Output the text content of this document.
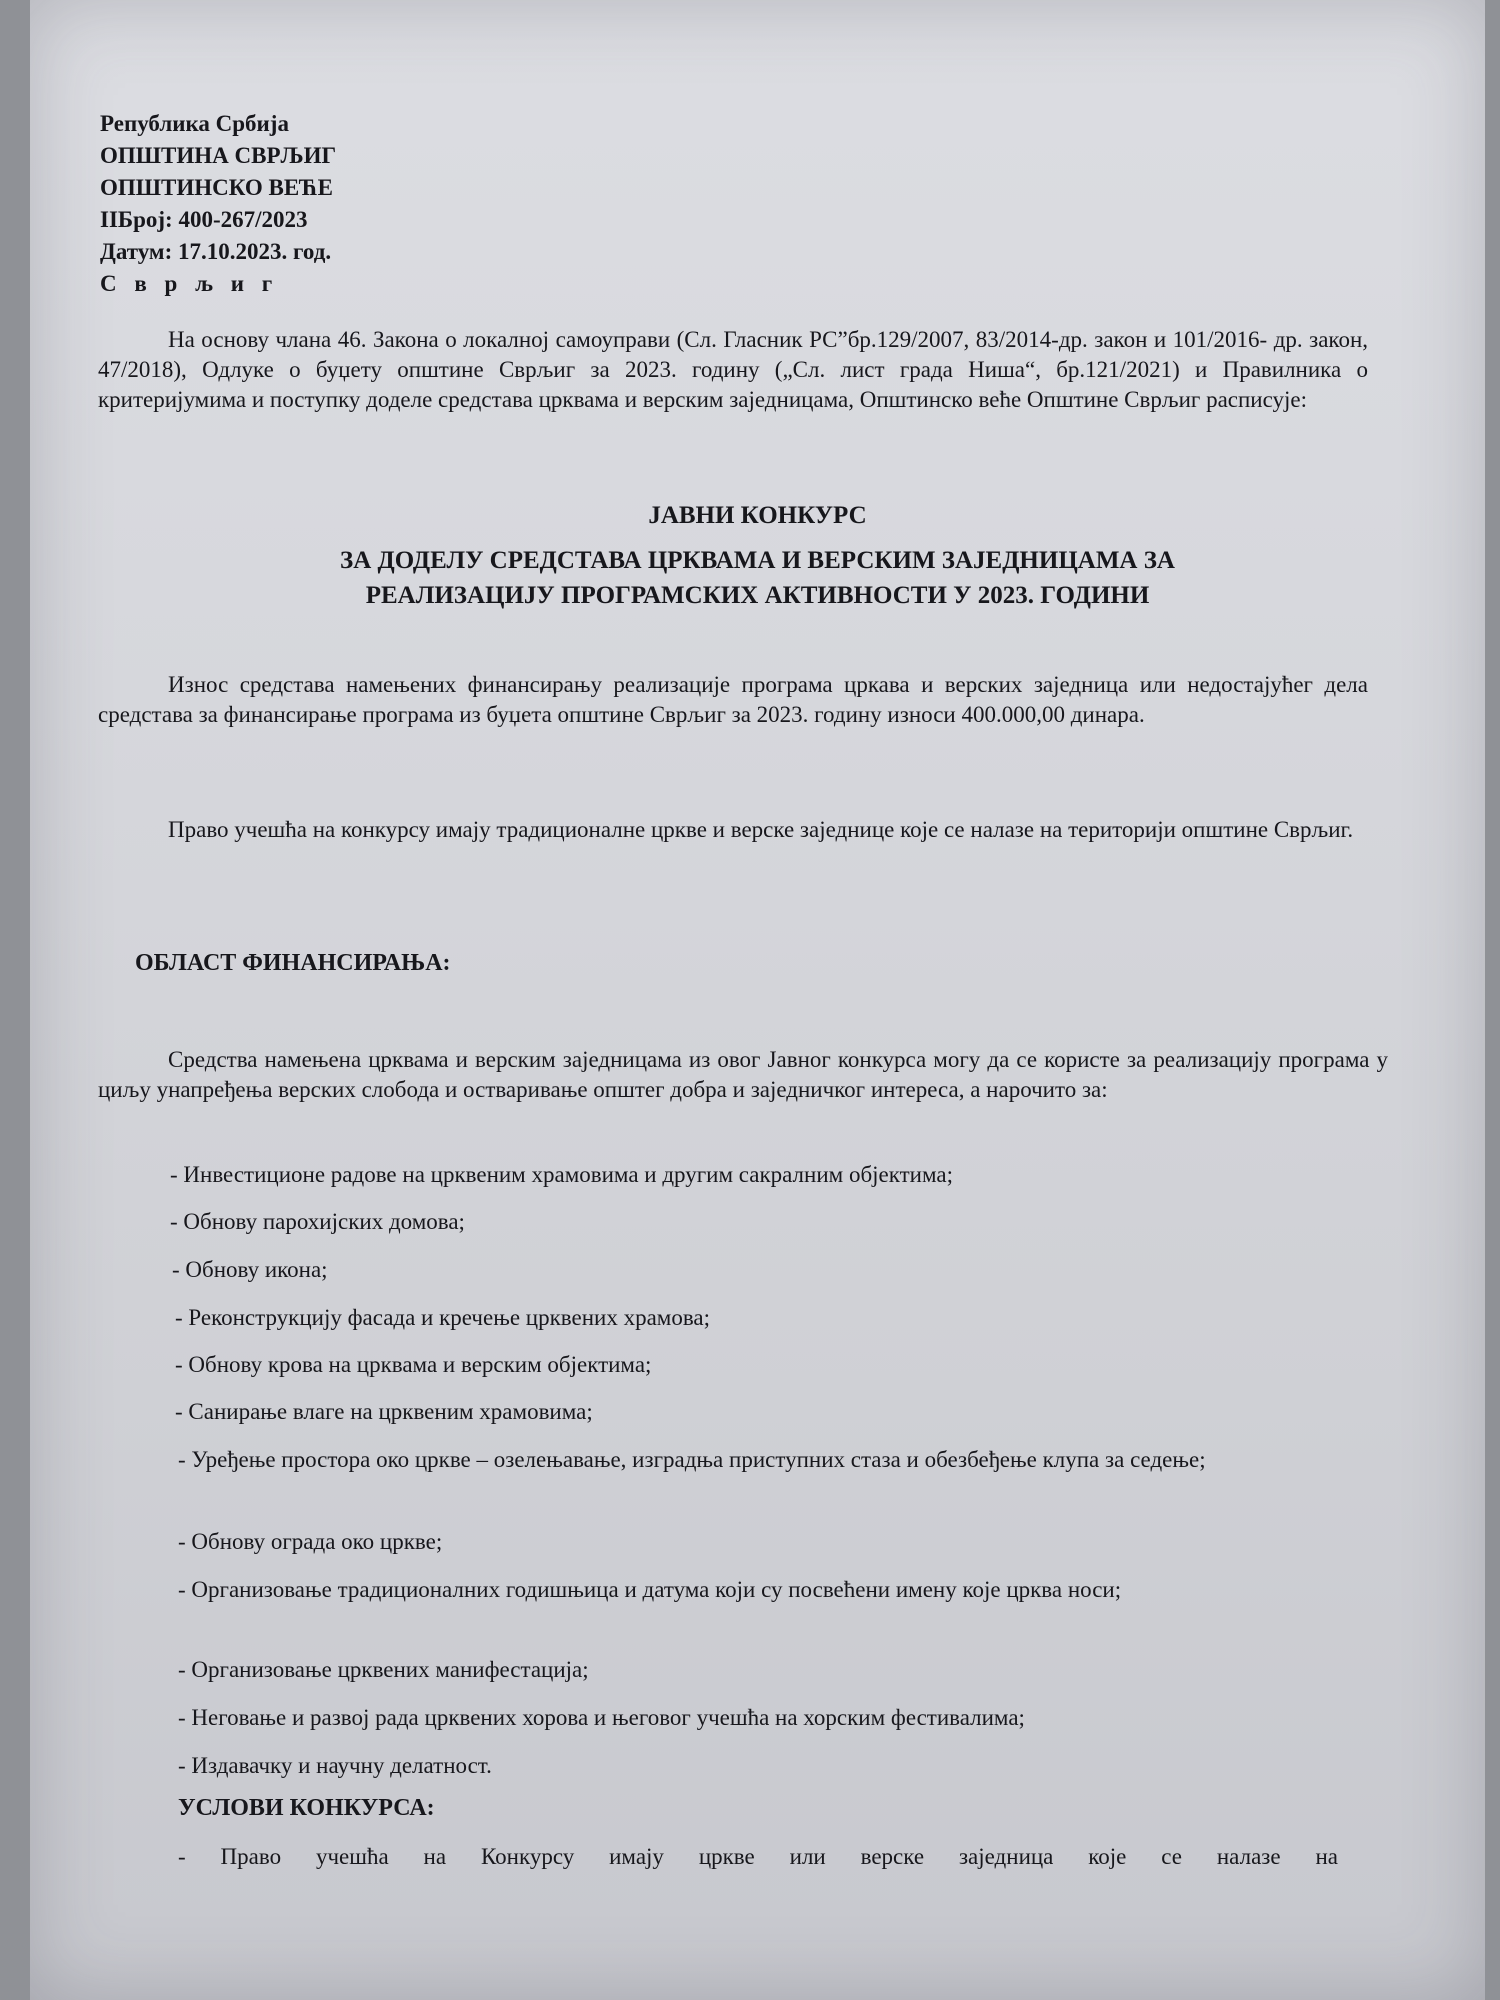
Република Србија
ОПШТИНА СВРЉИГ
ОПШТИНСКО ВЕЋЕ
IIБрој: 400-267/2023
Датум: 17.10.2023. год.
С в р љ и г
На основу члана 46. Закона о локалној самоуправи (Сл. Гласник РС”бр.129/2007, 83/2014-др. закон и 101/2016- др. закон, 47/2018), Одлуке о буџету општине Сврљиг за 2023. годину („Сл. лист града Ниша“, бр.121/2021) и Правилника о критеријумима и поступку доделе средстава црквама и верским заједницама, Општинско веће Општине Сврљиг расписује:
ЈАВНИ КОНКУРС
ЗА ДОДЕЛУ СРЕДСТАВА ЦРКВАМА И ВЕРСКИМ ЗАЈЕДНИЦАМА ЗА
РЕАЛИЗАЦИЈУ ПРОГРАМСКИХ АКТИВНОСТИ У 2023. ГОДИНИ
Износ средстава намењених финансирању реализације програма цркава и верских заједница или недостајућег дела средстава за финансирање програма из буџета општине Сврљиг за 2023. годину износи 400.000,00 динара.
Право учешћа на конкурсу имају традиционалне цркве и верске заједнице које се налазе на територији општине Сврљиг.
ОБЛАСТ ФИНАНСИРАЊА:
Средства намењена црквама и верским заједницама из овог Јавног конкурса могу да се користе за реализацију програма у циљу унапређења верских слобода и остваривање општег добра и заједничког интереса, а нарочито за:
- Инвестиционе радове на црквеним храмовима и другим сакралним објектима;
- Обнову парохијских домова;
- Обнову икона;
- Реконструкцију фасада и кречење црквених храмова;
- Обнову крова на црквама и верским објектима;
- Санирање влаге на црквеним храмовима;
- Уређење простора око цркве – озелењавање, изградња приступних стаза и обезбеђење клупа за седење;
- Обнову ограда око цркве;
- Организовање традиционалних годишњица и датума који су посвећени имену које црква носи;
- Организовање црквених манифестација;
- Неговање и развој рада црквених хорова и његовог учешћа на хорским фестивалима;
- Издавачку и научну делатност.
УСЛОВИ КОНКУРСА:
- Право учешћа на Конкурсу имају цркве или верске заједница које се налазе на
